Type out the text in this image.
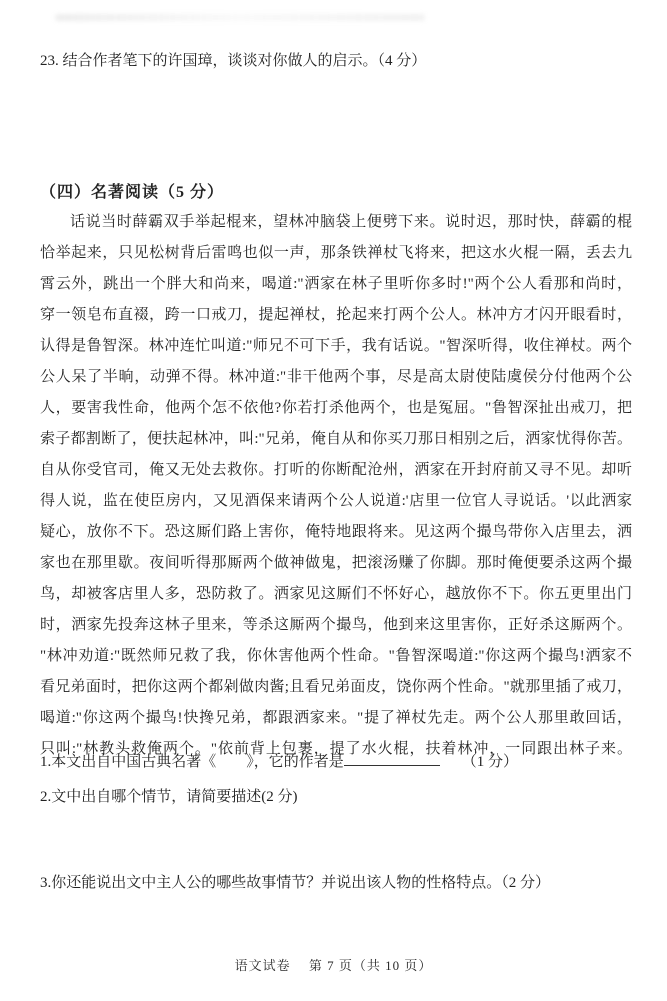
23. 结合作者笔下的许国璋，谈谈对你做人的启示。（4 分）
（四）名著阅读（5 分）
话说当时薛霸双手举起棍来，望林冲脑袋上便劈下来。说时迟，那时快，薛霸的棍
恰举起来，只见松树背后雷鸣也似一声，那条铁禅杖飞将来，把这水火棍一隔，丢去九
霄云外，跳出一个胖大和尚来，喝道:"洒家在林子里听你多时!"两个公人看那和尚时，
穿一领皂布直裰，跨一口戒刀，提起禅杖，抡起来打两个公人。林冲方才闪开眼看时，
认得是鲁智深。林冲连忙叫道:"师兄不可下手，我有话说。"智深听得，收住禅杖。两个
公人呆了半晌，动弹不得。林冲道:"非干他两个事，尽是高太尉使陆虞侯分付他两个公
人，要害我性命，他两个怎不依他?你若打杀他两个，也是冤屈。"鲁智深扯出戒刀，把
索子都割断了，便扶起林冲，叫:"兄弟，俺自从和你买刀那日相别之后，洒家忧得你苦。
自从你受官司，俺又无处去救你。打听的你断配沧州，洒家在开封府前又寻不见。却听
得人说，监在使臣房内，又见酒保来请两个公人说道:'店里一位官人寻说话。'以此洒家
疑心，放你不下。恐这厮们路上害你，俺特地跟将来。见这两个撮鸟带你入店里去，洒
家也在那里歇。夜间听得那厮两个做神做鬼，把滚汤赚了你脚。那时俺便要杀这两个撮
鸟，却被客店里人多，恐防救了。洒家见这厮们不怀好心，越放你不下。你五更里出门
时，洒家先投奔这林子里来，等杀这厮两个撮鸟，他到来这里害你，正好杀这厮两个。
"林冲劝道:"既然师兄救了我，你休害他两个性命。"鲁智深喝道:"你这两个撮鸟!洒家不
看兄弟面时，把你这两个都剁做肉酱;且看兄弟面皮，饶你两个性命。"就那里插了戒刀，
喝道:"你这两个撮鸟!快搀兄弟，都跟洒家来。"提了禅杖先走。两个公人那里敢回话，
只叫:"林教头救俺两个。"依前背上包裹，提了水火棍，扶着林冲，一同跟出林子来。
1.本文出自中国古典名著《　　》，它的作者是	（1 分）
2.文中出自哪个情节，请简要描述(2 分)
3.你还能说出文中主人公的哪些故事情节？并说出该人物的性格特点。（2 分）
语文试卷　 第 7 页（共 10 页）
